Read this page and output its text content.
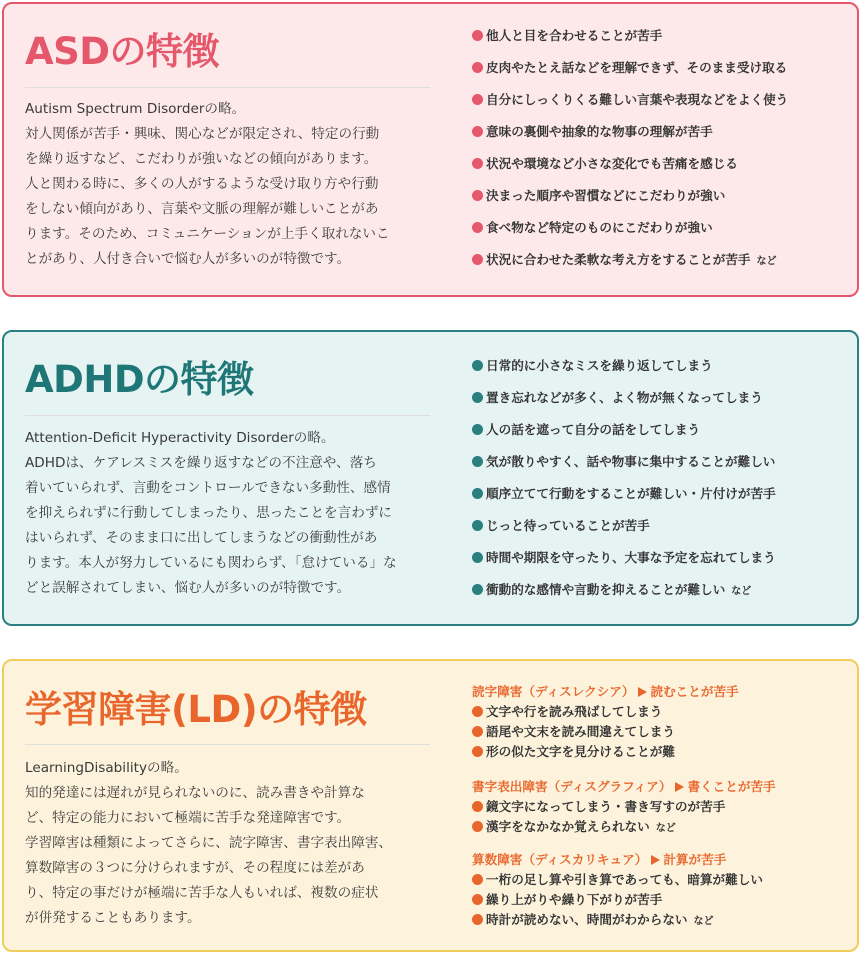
ASDの特徴
Autism Spectrum Disorderの略。
対人関係が苦手・興味、関心などが限定され、特定の行動
を繰り返すなど、こだわりが強いなどの傾向があります。
人と関わる時に、多くの人がするような受け取り方や行動
をしない傾向があり、言葉や文脈の理解が難しいことがあ
ります。そのため、コミュニケーションが上手く取れないこ
とがあり、人付き合いで悩む人が多いのが特徴です。
他人と目を合わせることが苦手
皮肉やたとえ話などを理解できず、そのまま受け取る
自分にしっくりくる難しい言葉や表現などをよく使う
意味の裏側や抽象的な物事の理解が苦手
状況や環境など小さな変化でも苦痛を感じる
決まった順序や習慣などにこだわりが強い
食べ物など特定のものにこだわりが強い
状況に合わせた柔軟な考え方をすることが苦手 など
ADHDの特徴
Attention-Deficit Hyperactivity Disorderの略。
ADHDは、ケアレスミスを繰り返すなどの不注意や、落ち
着いていられず、言動をコントロールできない多動性、感情
を抑えられずに行動してしまったり、思ったことを言わずに
はいられず、そのまま口に出してしまうなどの衝動性があ
ります。本人が努力しているにも関わらず、「怠けている」な
どと誤解されてしまい、悩む人が多いのが特徴です。
日常的に小さなミスを繰り返してしまう
置き忘れなどが多く、よく物が無くなってしまう
人の話を遮って自分の話をしてしまう
気が散りやすく、話や物事に集中することが難しい
順序立てて行動をすることが難しい・片付けが苦手
じっと待っていることが苦手
時間や期限を守ったり、大事な予定を忘れてしまう
衝動的な感情や言動を抑えることが難しい など
学習障害(LD)の特徴
LearningDisabilityの略。
知的発達には遅れが見られないのに、読み書きや計算な
ど、特定の能力において極端に苦手な発達障害です。
学習障害は種類によってさらに、読字障害、書字表出障害、
算数障害の３つに分けられますが、その程度には差があ
り、特定の事だけが極端に苦手な人もいれば、複数の症状
が併発することもあります。
読字障害（ディスレクシア） 読むことが苦手
文字や行を読み飛ばしてしまう
語尾や文末を読み間違えてしまう
形の似た文字を見分けることが難
書字表出障害（ディスグラフィア） 書くことが苦手
鏡文字になってしまう・書き写すのが苦手
漢字をなかなか覚えられない など
算数障害（ディスカリキュア） 計算が苦手
一桁の足し算や引き算であっても、暗算が難しい
繰り上がりや繰り下がりが苦手
時計が読めない、時間がわからない など
